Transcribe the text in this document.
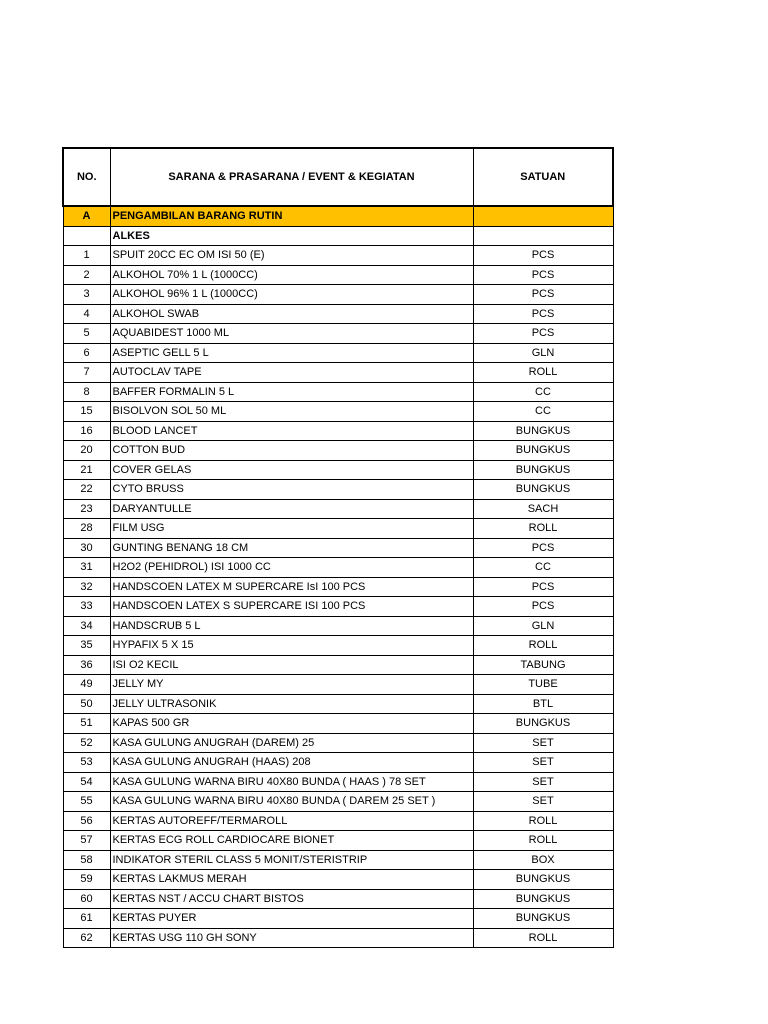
NO.	SARANA & PRASARANA / EVENT & KEGIATAN	SATUAN
A	PENGAMBILAN BARANG RUTIN	
	ALKES	
1	SPUIT 20CC EC OM ISI 50 (E)	PCS
2	ALKOHOL 70% 1 L (1000CC)	PCS
3	ALKOHOL 96% 1 L (1000CC)	PCS
4	ALKOHOL SWAB	PCS
5	AQUABIDEST 1000 ML	PCS
6	ASEPTIC GELL 5 L	GLN
7	AUTOCLAV TAPE	ROLL
8	BAFFER FORMALIN 5 L	CC
15	BISOLVON SOL 50 ML	CC
16	BLOOD LANCET	BUNGKUS
20	COTTON BUD	BUNGKUS
21	COVER GELAS	BUNGKUS
22	CYTO BRUSS	BUNGKUS
23	DARYANTULLE	SACH
28	FILM USG	ROLL
30	GUNTING BENANG 18 CM	PCS
31	H2O2 (PEHIDROL) ISI 1000 CC	CC
32	HANDSCOEN LATEX M SUPERCARE IsI 100 PCS	PCS
33	HANDSCOEN LATEX S SUPERCARE ISI 100 PCS	PCS
34	HANDSCRUB 5 L	GLN
35	HYPAFIX 5 X 15	ROLL
36	ISI O2 KECIL	TABUNG
49	JELLY MY	TUBE
50	JELLY ULTRASONIK	BTL
51	KAPAS 500 GR	BUNGKUS
52	KASA GULUNG ANUGRAH (DAREM) 25	SET
53	KASA GULUNG ANUGRAH (HAAS) 208	SET
54	KASA GULUNG WARNA BIRU 40X80 BUNDA ( HAAS ) 78 SET	SET
55	KASA GULUNG WARNA BIRU 40X80 BUNDA ( DAREM 25 SET )	SET
56	KERTAS AUTOREFF/TERMAROLL	ROLL
57	KERTAS ECG ROLL CARDIOCARE BIONET	ROLL
58	INDIKATOR STERIL CLASS 5 MONIT/STERISTRIP	BOX
59	KERTAS LAKMUS MERAH	BUNGKUS
60	KERTAS NST / ACCU CHART BISTOS	BUNGKUS
61	KERTAS PUYER	BUNGKUS
62	KERTAS USG 110 GH SONY	ROLL
